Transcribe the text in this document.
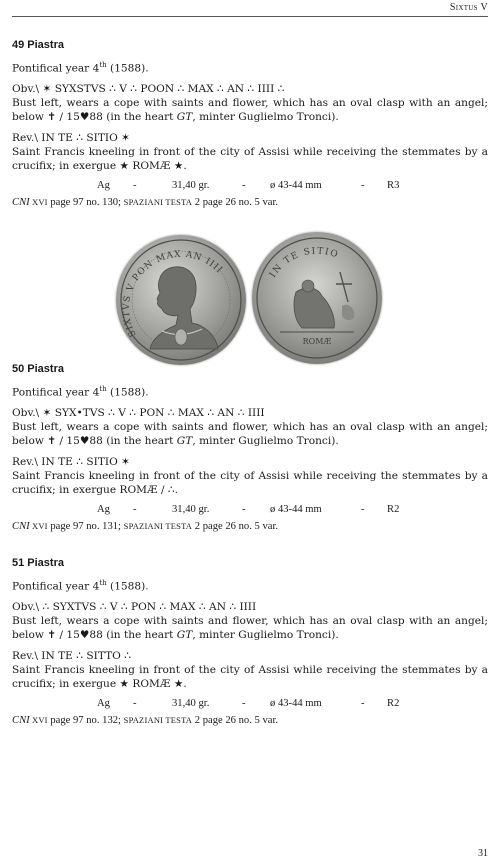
Sixtus V
49 Piastra

Pontifical year 4th (1588).

Obv.\ ✶ SYXSTVS ∴ V ∴ POON ∴ MAX ∴ AN ∴ IIII ∴

Bust left, wears a cope with saints and flower, which has an oval clasp with an angel; below ✝ / 15♥88 (in the heart GT, minter Guglielmo Tronci).

Rev.\ IN TE ∴ SITIO ✶

Saint Francis kneeling in front of the city of Assisi while receiving the stemmates by a crucifix; in exergue ★ ROMÆ ★.

Ag -	31,40 gr.	- ø 43-44 mm	- R3

CNI XVI page 97 no. 130; SPAZIANI TESTA 2 page 26 no. 5 var.

SIXTVS V PON MAX AN IIII	IN TE SITIO
ROMÆ
50 Piastra

Pontifical year 4th (1588).

Obv.\ ✶ SYX•TVS ∴ V ∴ PON ∴ MAX ∴ AN ∴ IIII

Bust left, wears a cope with saints and flower, which has an oval clasp with an angel; below ✝ / 15♥88 (in the heart GT, minter Guglielmo Tronci).

Rev.\ IN TE ∴ SITIO ✶

Saint Francis kneeling in front of the city of Assisi while receiving the stemmates by a crucifix; in exergue ROMÆ / ∴.

Ag -	31,40 gr.	- ø 43-44 mm	- R2

CNI XVI page 97 no. 131; SPAZIANI TESTA 2 page 26 no. 5 var.

51 Piastra

Pontifical year 4th (1588).

Obv.\ ∴ SYXTVS ∴ V ∴ PON ∴ MAX ∴ AN ∴ IIII

Bust left, wears a cope with saints and flower, which has an oval clasp with an angel; below ✝ / 15♥88 (in the heart GT, minter Guglielmo Tronci).

Rev.\ IN TE ∴ SITTO ∴

Saint Francis kneeling in front of the city of Assisi while receiving the stemmates by a crucifix; in exergue ★ ROMÆ ★.

Ag -	31,40 gr.	- ø 43-44 mm	- R2

CNI XVI page 97 no. 132; SPAZIANI TESTA 2 page 26 no. 5 var.

31
